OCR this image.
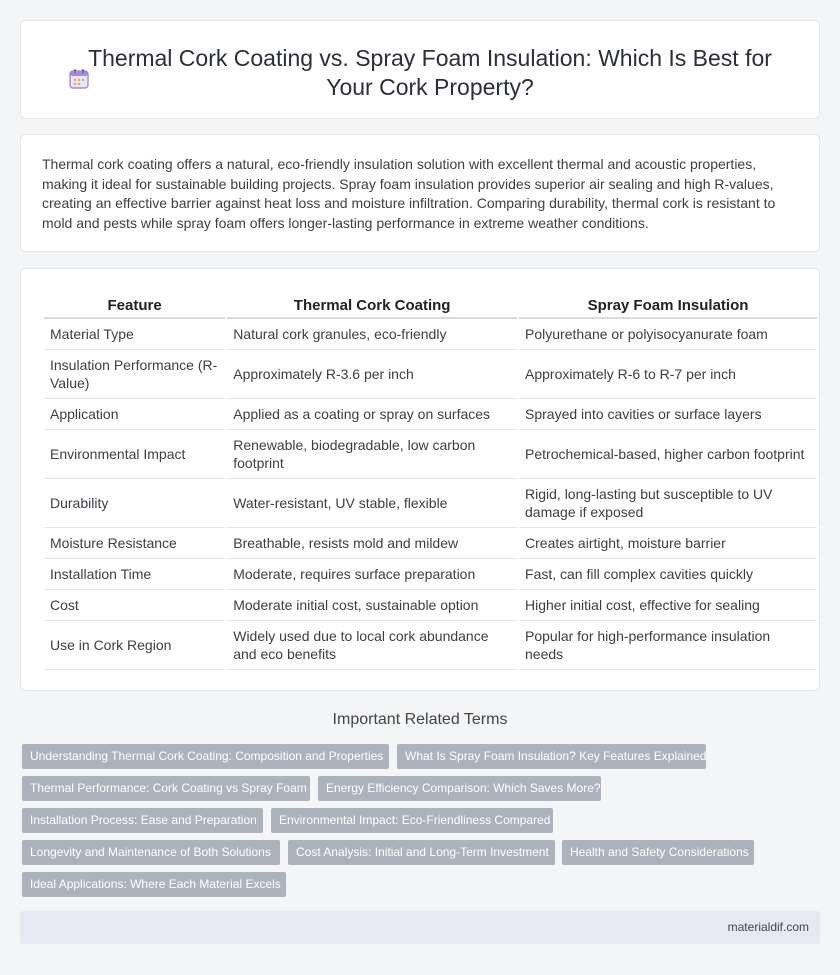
Thermal Cork Coating vs. Spray Foam Insulation: Which Is Best for Your Cork Property?

Thermal cork coating offers a natural, eco-friendly insulation solution with excellent thermal and acoustic properties, making it ideal for sustainable building projects. Spray foam insulation provides superior air sealing and high R-values, creating an effective barrier against heat loss and moisture infiltration. Comparing durability, thermal cork is resistant to mold and pests while spray foam offers longer-lasting performance in extreme weather conditions.

Feature	Thermal Cork Coating	Spray Foam Insulation
Material Type	Natural cork granules, eco-friendly	Polyurethane or polyisocyanurate foam
Insulation Performance (R-Value)	Approximately R-3.6 per inch	Approximately R-6 to R-7 per inch
Application	Applied as a coating or spray on surfaces	Sprayed into cavities or surface layers
Environmental Impact	Renewable, biodegradable, low carbon footprint	Petrochemical-based, higher carbon footprint
Durability	Water-resistant, UV stable, flexible	Rigid, long-lasting but susceptible to UV damage if exposed
Moisture Resistance	Breathable, resists mold and mildew	Creates airtight, moisture barrier
Installation Time	Moderate, requires surface preparation	Fast, can fill complex cavities quickly
Cost	Moderate initial cost, sustainable option	Higher initial cost, effective for sealing
Use in Cork Region	Widely used due to local cork abundance and eco benefits	Popular for high-performance insulation needs
Important Related Terms
Understanding Thermal Cork Coating: Composition and Properties	What Is Spray Foam Insulation? Key Features Explained
Thermal Performance: Cork Coating vs Spray Foam	Energy Efficiency Comparison: Which Saves More?
Installation Process: Ease and Preparation	Environmental Impact: Eco-Friendliness Compared
Longevity and Maintenance of Both Solutions	Cost Analysis: Initial and Long-Term Investment	Health and Safety Considerations
Ideal Applications: Where Each Material Excels
materialdif.com
